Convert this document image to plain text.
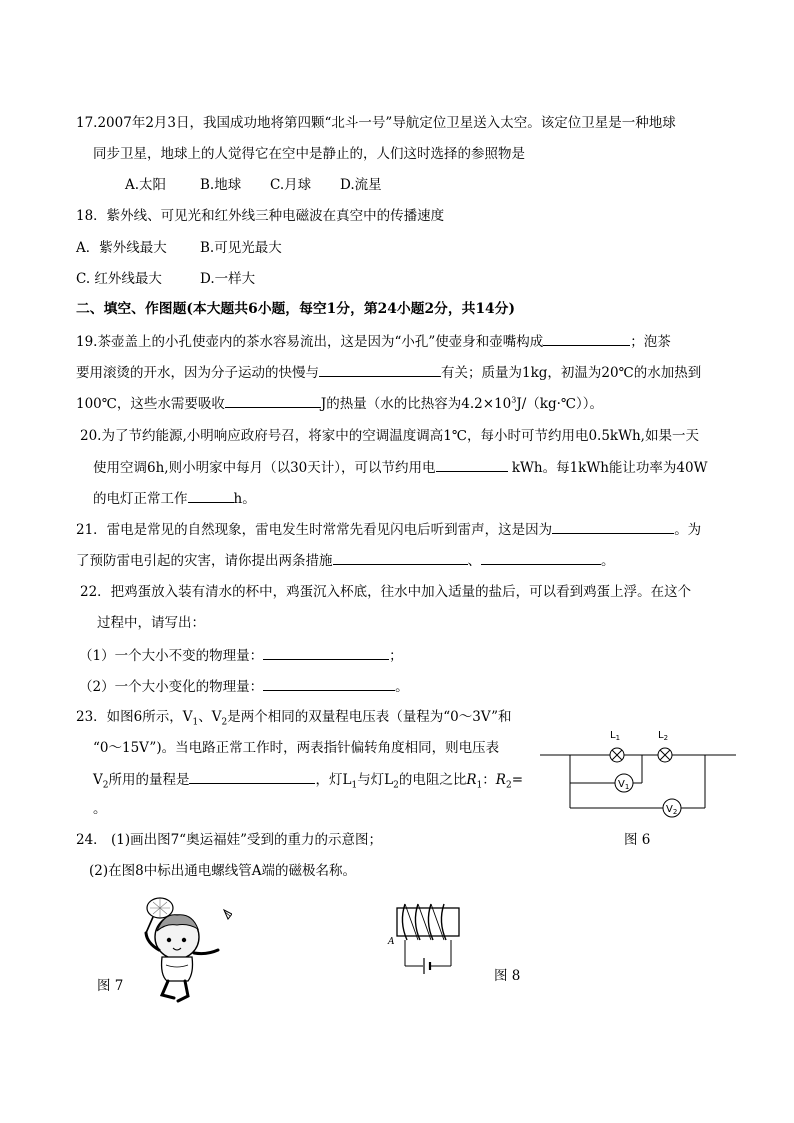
17.2007年2月3日，我国成功地将第四颗“北斗一号”导航定位卫星送入太空。该定位卫星是一种地球
同步卫星，地球上的人觉得它在空中是静止的，人们这时选择的参照物是
A.太阳	B.地球 C.月球 D.流星
18．紫外线、可见光和红外线三种电磁波在真空中的传播速度
A．紫外线最大 B.可见光最大
C. 红外线最大	D.一样大
二、填空、作图题(本大题共6小题，每空1分，第24小题2分，共14分)
19.茶壶盖上的小孔使壶内的茶水容易流出，这是因为“小孔”使壶身和壶嘴构成	；泡茶
要用滚烫的开水，因为分子运动的快慢与	有关；质量为1kg，初温为20℃的水加热到
100℃，这些水需要吸收	J的热量（水的比热容为$4.2\times 10^3J/(kg\cdot℃)$）。
20.为了节约能源,小明响应政府号召，将家中的空调温度调高1℃，每小时可节约用电0.5kWh,如果一天
使用空调6h,则小明家中每月（以30天计），可以节约用电	kWh。每1kWh能让功率为40W
的电灯正常工作	h。
21．雷电是常见的自然现象，雷电发生时常常先看见闪电后听到雷声，这是因为	。为
了预防雷电引起的灾害，请你提出两条措施	、	。
22．把鸡蛋放入装有清水的杯中，鸡蛋沉入杯底，往水中加入适量的盐后，可以看到鸡蛋上浮。在这个
过程中，请写出：
（1）一个大小不变的物理量：	；
（2）一个大小变化的物理量：	。
23．如图6所示，$V_1$、$V_2$是两个相同的双量程电压表（量程为“0～3V”和
“0～15V”)。当电路正常工作时，两表指针偏转角度相同，则电压表
$V_2$所用的量程是	，灯$L_1$与灯$L_2$的电阻之比$R_1$：$R_2=$
。
$L_1$	$L_2$
$V_1$
$V_2$
图 6
24． (1)画出图7“奥运福娃”受到的重力的示意图；
(2)在图8中标出通电螺线管A端的磁极名称。
图 7
A
图 8
